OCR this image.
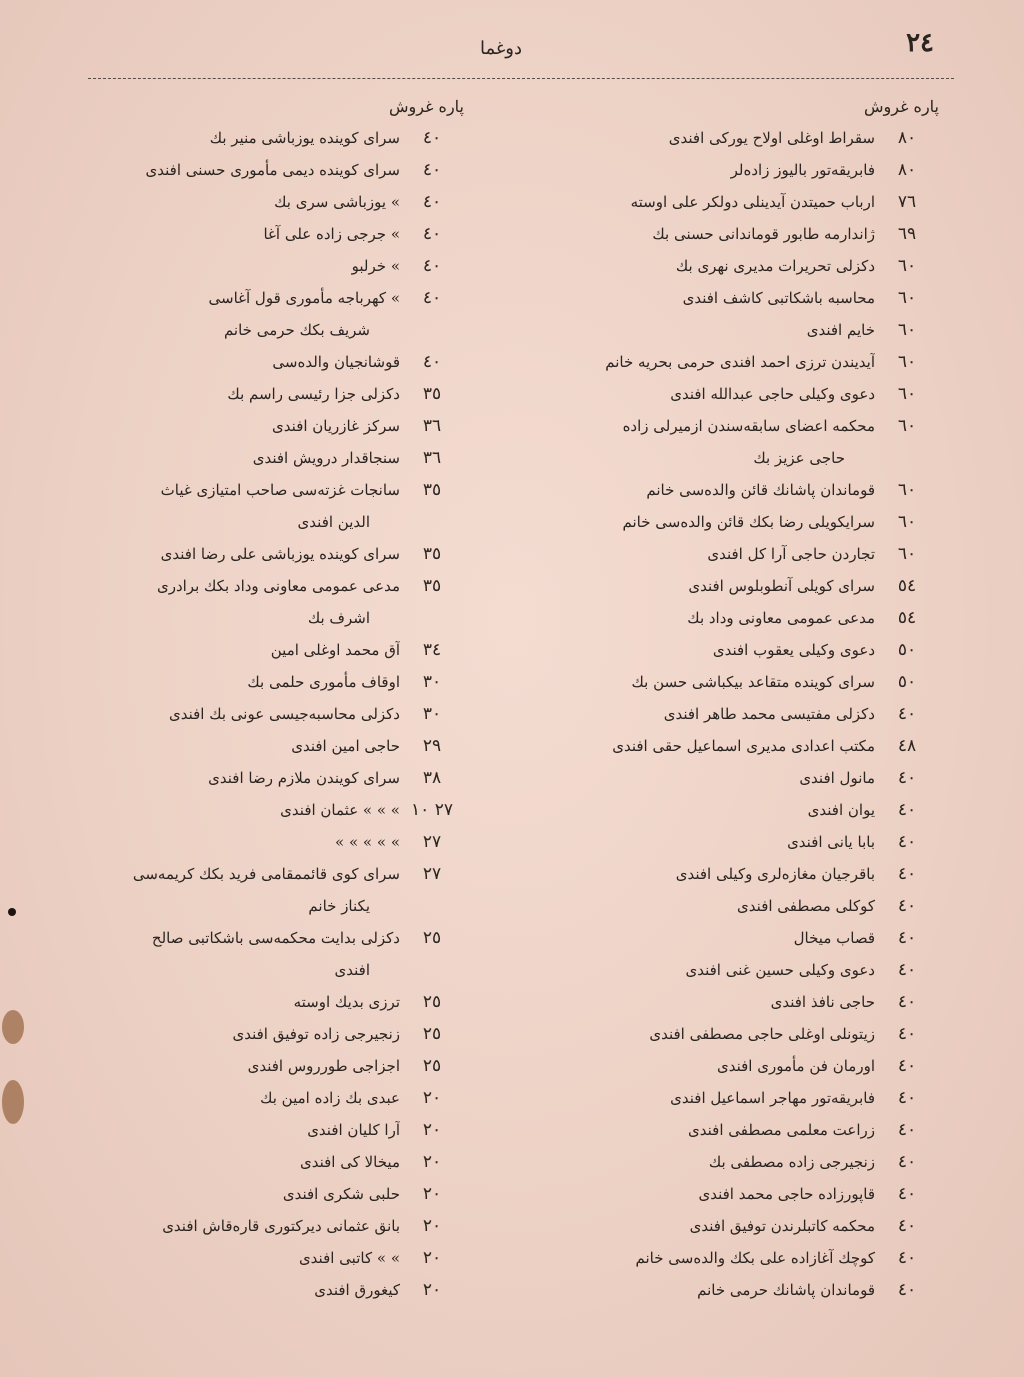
٢٤
دوغما
پاره غروش
٨٠
سقراط اوغلی اولاح یورکی افندی
٨٠
فابریقه‌تور بالیوز زاده‌لر
٧٦
ارباب حمیتدن آیدینلی دولکر علی اوسته
٦٩
ژاندارمه طابور قوماندانی حسنی بك
٦٠
دکزلی تحریرات مدیری نهری بك
٦٠
محاسبه باشکاتبی کاشف افندی
٦٠
خایم افندی
٦٠
آیدیندن ترزی احمد افندی حرمی بحریه خانم
٦٠
دعوی وکیلی حاجی عبدالله افندی
٦٠
محکمه اعضای سابقه‌سندن ازمیرلی زاده
حاجی عزیز بك
٦٠
قوماندان پاشانك قائن والده‌سی خانم
٦٠
سرایکویلی رضا بکك قائن والده‌سی خانم
٦٠
تجاردن حاجی آرا کل افندی
٥٤
سرای کویلی آنطوبلوس افندی
٥٤
مدعی عمومی معاونی وداد بك
٥٠
دعوی وکیلی یعقوب افندی
٥٠
سرای کوینده متقاعد بیکباشی حسن بك
٤٠
دکزلی مفتیسی محمد طاهر افندی
٤٨
مکتب اعدادی مدیری اسماعیل حقی افندی
٤٠
مانول افندی
٤٠
یوان افندی
٤٠
بابا یانی افندی
٤٠
باقرجیان مغازه‌لری وکیلی افندی
٤٠
کوکلی مصطفی افندی
٤٠
قصاب میخال
٤٠
دعوی وکیلی حسین غنی افندی
٤٠
حاجی نافذ افندی
٤٠
زیتونلی اوغلی حاجی مصطفی افندی
٤٠
اورمان فن مأموری افندی
٤٠
فابریقه‌تور مهاجر اسماعیل افندی
٤٠
زراعت معلمی مصطفی افندی
٤٠
زنجیرجی زاده مصطفی بك
٤٠
قاپورزاده حاجی محمد افندی
٤٠
محکمه کاتبلرندن توفیق افندی
٤٠
کوچك آغازاده علی بکك والده‌سی خانم
٤٠
قوماندان پاشانك حرمی خانم
پاره غروش
٤٠
سرای کوینده یوزباشی منیر بك
٤٠
سرای کوینده دیمی مأموری حسنی افندی
٤٠
» یوزباشی سری بك
٤٠
» جرجی زاده علی آغا
٤٠
» خرلبو
٤٠
» کهرباجه مأموری قول آغاسی
شریف بکك حرمی خانم
٤٠
قوشانجیان والده‌سی
٣٥
دکزلی جزا رئیسی راسم بك
٣٦
سرکز غازریان افندی
٣٦
سنجاقدار درویش افندی
٣٥
سانجات غزته‌سی صاحب امتیازی غیاث
الدین افندی
٣٥
سرای کوینده یوزباشی علی رضا افندی
٣٥
مدعی عمومی معاونی وداد بکك برادری
اشرف بك
٣٤
آق محمد اوغلی امین
٣٠
اوقاف مأموری حلمی بك
٣٠
دکزلی محاسبه‌جیسی عونی بك افندی
٢٩
حاجی امین افندی
٣٨
سرای کویندن ملازم رضا افندی
٢٧ ١٠
» » » عثمان افندی
٢٧
» » » » »
٢٧
سرای کوی قائممقامی فرید بکك کریمه‌سی
یکناز خانم
٢٥
دکزلی بدایت محکمه‌سی باشکاتبی صالح
افندی
٢٥
ترزی بدیك اوسته
٢٥
زنجیرجی زاده توفیق افندی
٢٥
اجزاجی طورروس افندی
٢٠
عبدی بك زاده امین بك
٢٠
آرا کلیان افندی
٢٠
میخالا کی افندی
٢٠
حلبی شکری افندی
٢٠
بانق عثمانی دیرکتوری قاره‌قاش افندی
٢٠
» » کاتبی افندی
٢٠
کیغورق افندی
